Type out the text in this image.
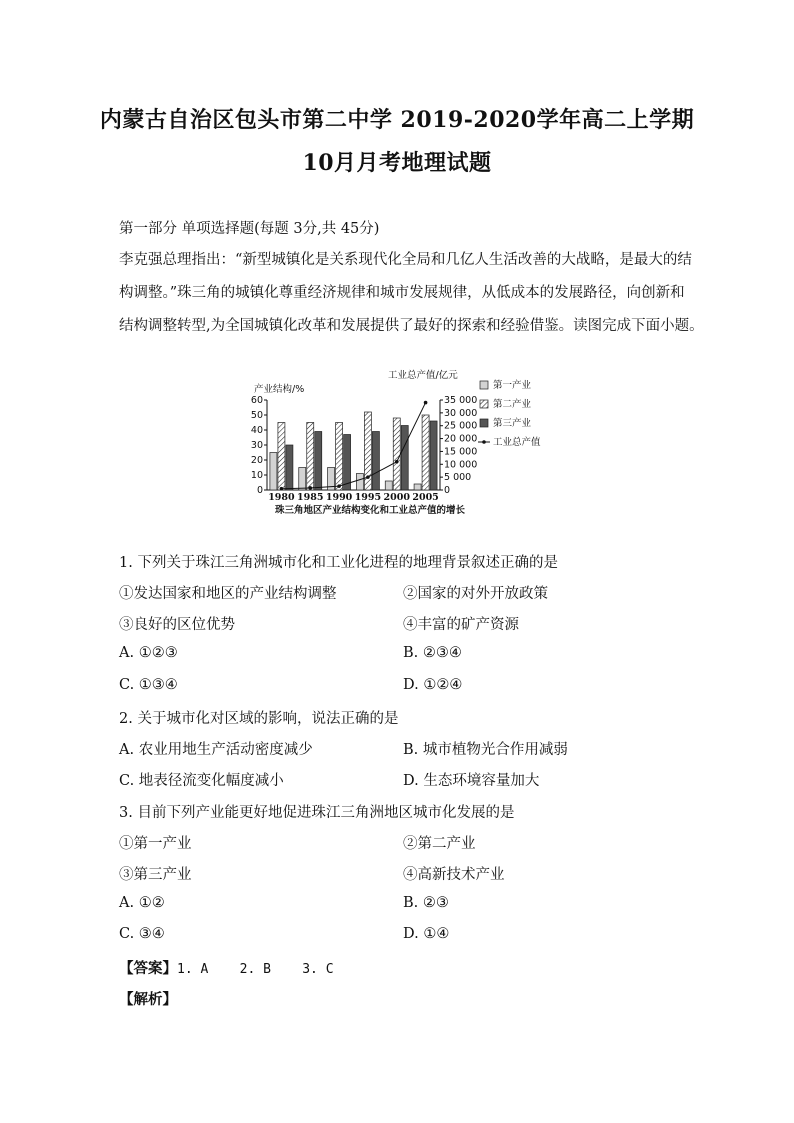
内蒙古自治区包头市第二中学 2019-2020学年高二上学期
10月月考地理试题
第一部分 单项选择题(每题 3分,共 45分)
李克强总理指出：“新型城镇化是关系现代化全局和几亿人生活改善的大战略，是最大的结
构调整。”珠三角的城镇化尊重经济规律和城市发展规律，从低成本的发展路径，向创新和
结构调整转型,为全国城镇化改革和发展提供了最好的探索和经验借鉴。读图完成下面小题。
0
10
20
30
40
50
60
0
5 000
10 000
15 000
20 000
25 000
30 000
35 000
1980 1985 1990 1995 2000 2005
第一产业
第二产业
第三产业
工业总产值
珠三角地区产业结构变化和工业总产值的增长
产业结构/%
工业总产值/亿元
1. 下列关于珠江三角洲城市化和工业化进程的地理背景叙述正确的是
①发达国家和地区的产业结构调整	②国家的对外开放政策
③良好的区位优势	④丰富的矿产资源
A. ①②③	B. ②③④
C. ①③④	D. ①②④
2. 关于城市化对区域的影响，说法正确的是
A. 农业用地生产活动密度减少	B. 城市植物光合作用减弱
C. 地表径流变化幅度减小	D. 生态环境容量加大
3. 目前下列产业能更好地促进珠江三角洲地区城市化发展的是
①第一产业	②第二产业
③第三产业	④高新技术产业
A. ①②	B. ②③
C. ③④	D. ①④
【答案】1. A    2. B    3. C
【解析】
